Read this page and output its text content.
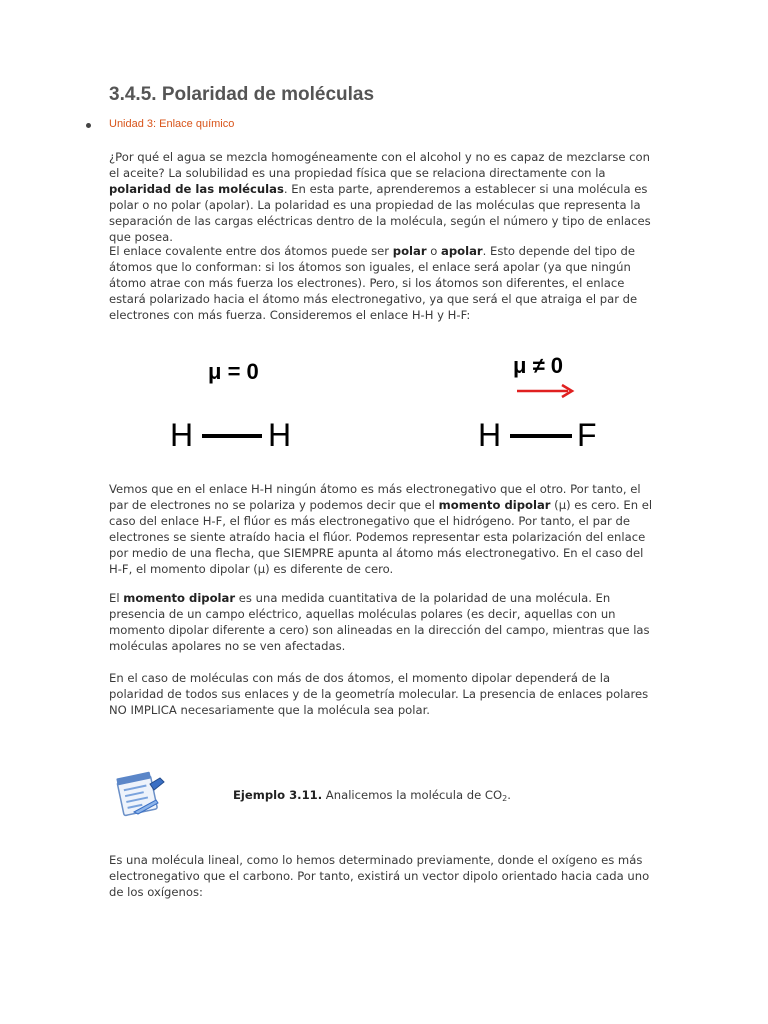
3.4.5. Polaridad de moléculas
Unidad 3: Enlace químico

¿Por qué el agua se mezcla homogéneamente con el alcohol y no es capaz de mezclarse con el aceite? La solubilidad es una propiedad física que se relaciona directamente con la polaridad de las moléculas. En esta parte, aprenderemos a establecer si una molécula es polar o no polar (apolar). La polaridad es una propiedad de las moléculas que representa la separación de las cargas eléctricas dentro de la molécula, según el número y tipo de enlaces que posea.

El enlace covalente entre dos átomos puede ser polar o apolar. Esto depende del tipo de átomos que lo conforman: si los átomos son iguales, el enlace será apolar (ya que ningún átomo atrae con más fuerza los electrones). Pero, si los átomos son diferentes, el enlace estará polarizado hacia el átomo más electronegativo, ya que será el que atraiga el par de electrones con más fuerza. Consideremos el enlace H-H y H-F:

μ = 0
H H
μ ≠ 0
H F

Vemos que en el enlace H-H ningún átomo es más electronegativo que el otro. Por tanto, el par de electrones no se polariza y podemos decir que el momento dipolar (μ) es cero. En el caso del enlace H-F, el flúor es más electronegativo que el hidrógeno. Por tanto, el par de electrones se siente atraído hacia el flúor. Podemos representar esta polarización del enlace por medio de una flecha, que SIEMPRE apunta al átomo más electronegativo. En el caso del H-F, el momento dipolar (μ) es diferente de cero.

El momento dipolar es una medida cuantitativa de la polaridad de una molécula. En presencia de un campo eléctrico, aquellas moléculas polares (es decir, aquellas con un momento dipolar diferente a cero) son alineadas en la dirección del campo, mientras que las moléculas apolares no se ven afectadas.

En el caso de moléculas con más de dos átomos, el momento dipolar dependerá de la polaridad de todos sus enlaces y de la geometría molecular. La presencia de enlaces polares NO IMPLICA necesariamente que la molécula sea polar.

Ejemplo 3.11. Analicemos la molécula de $CO_2$.

Es una molécula lineal, como lo hemos determinado previamente, donde el oxígeno es más electronegativo que el carbono. Por tanto, existirá un vector dipolo orientado hacia cada uno de los oxígenos:
